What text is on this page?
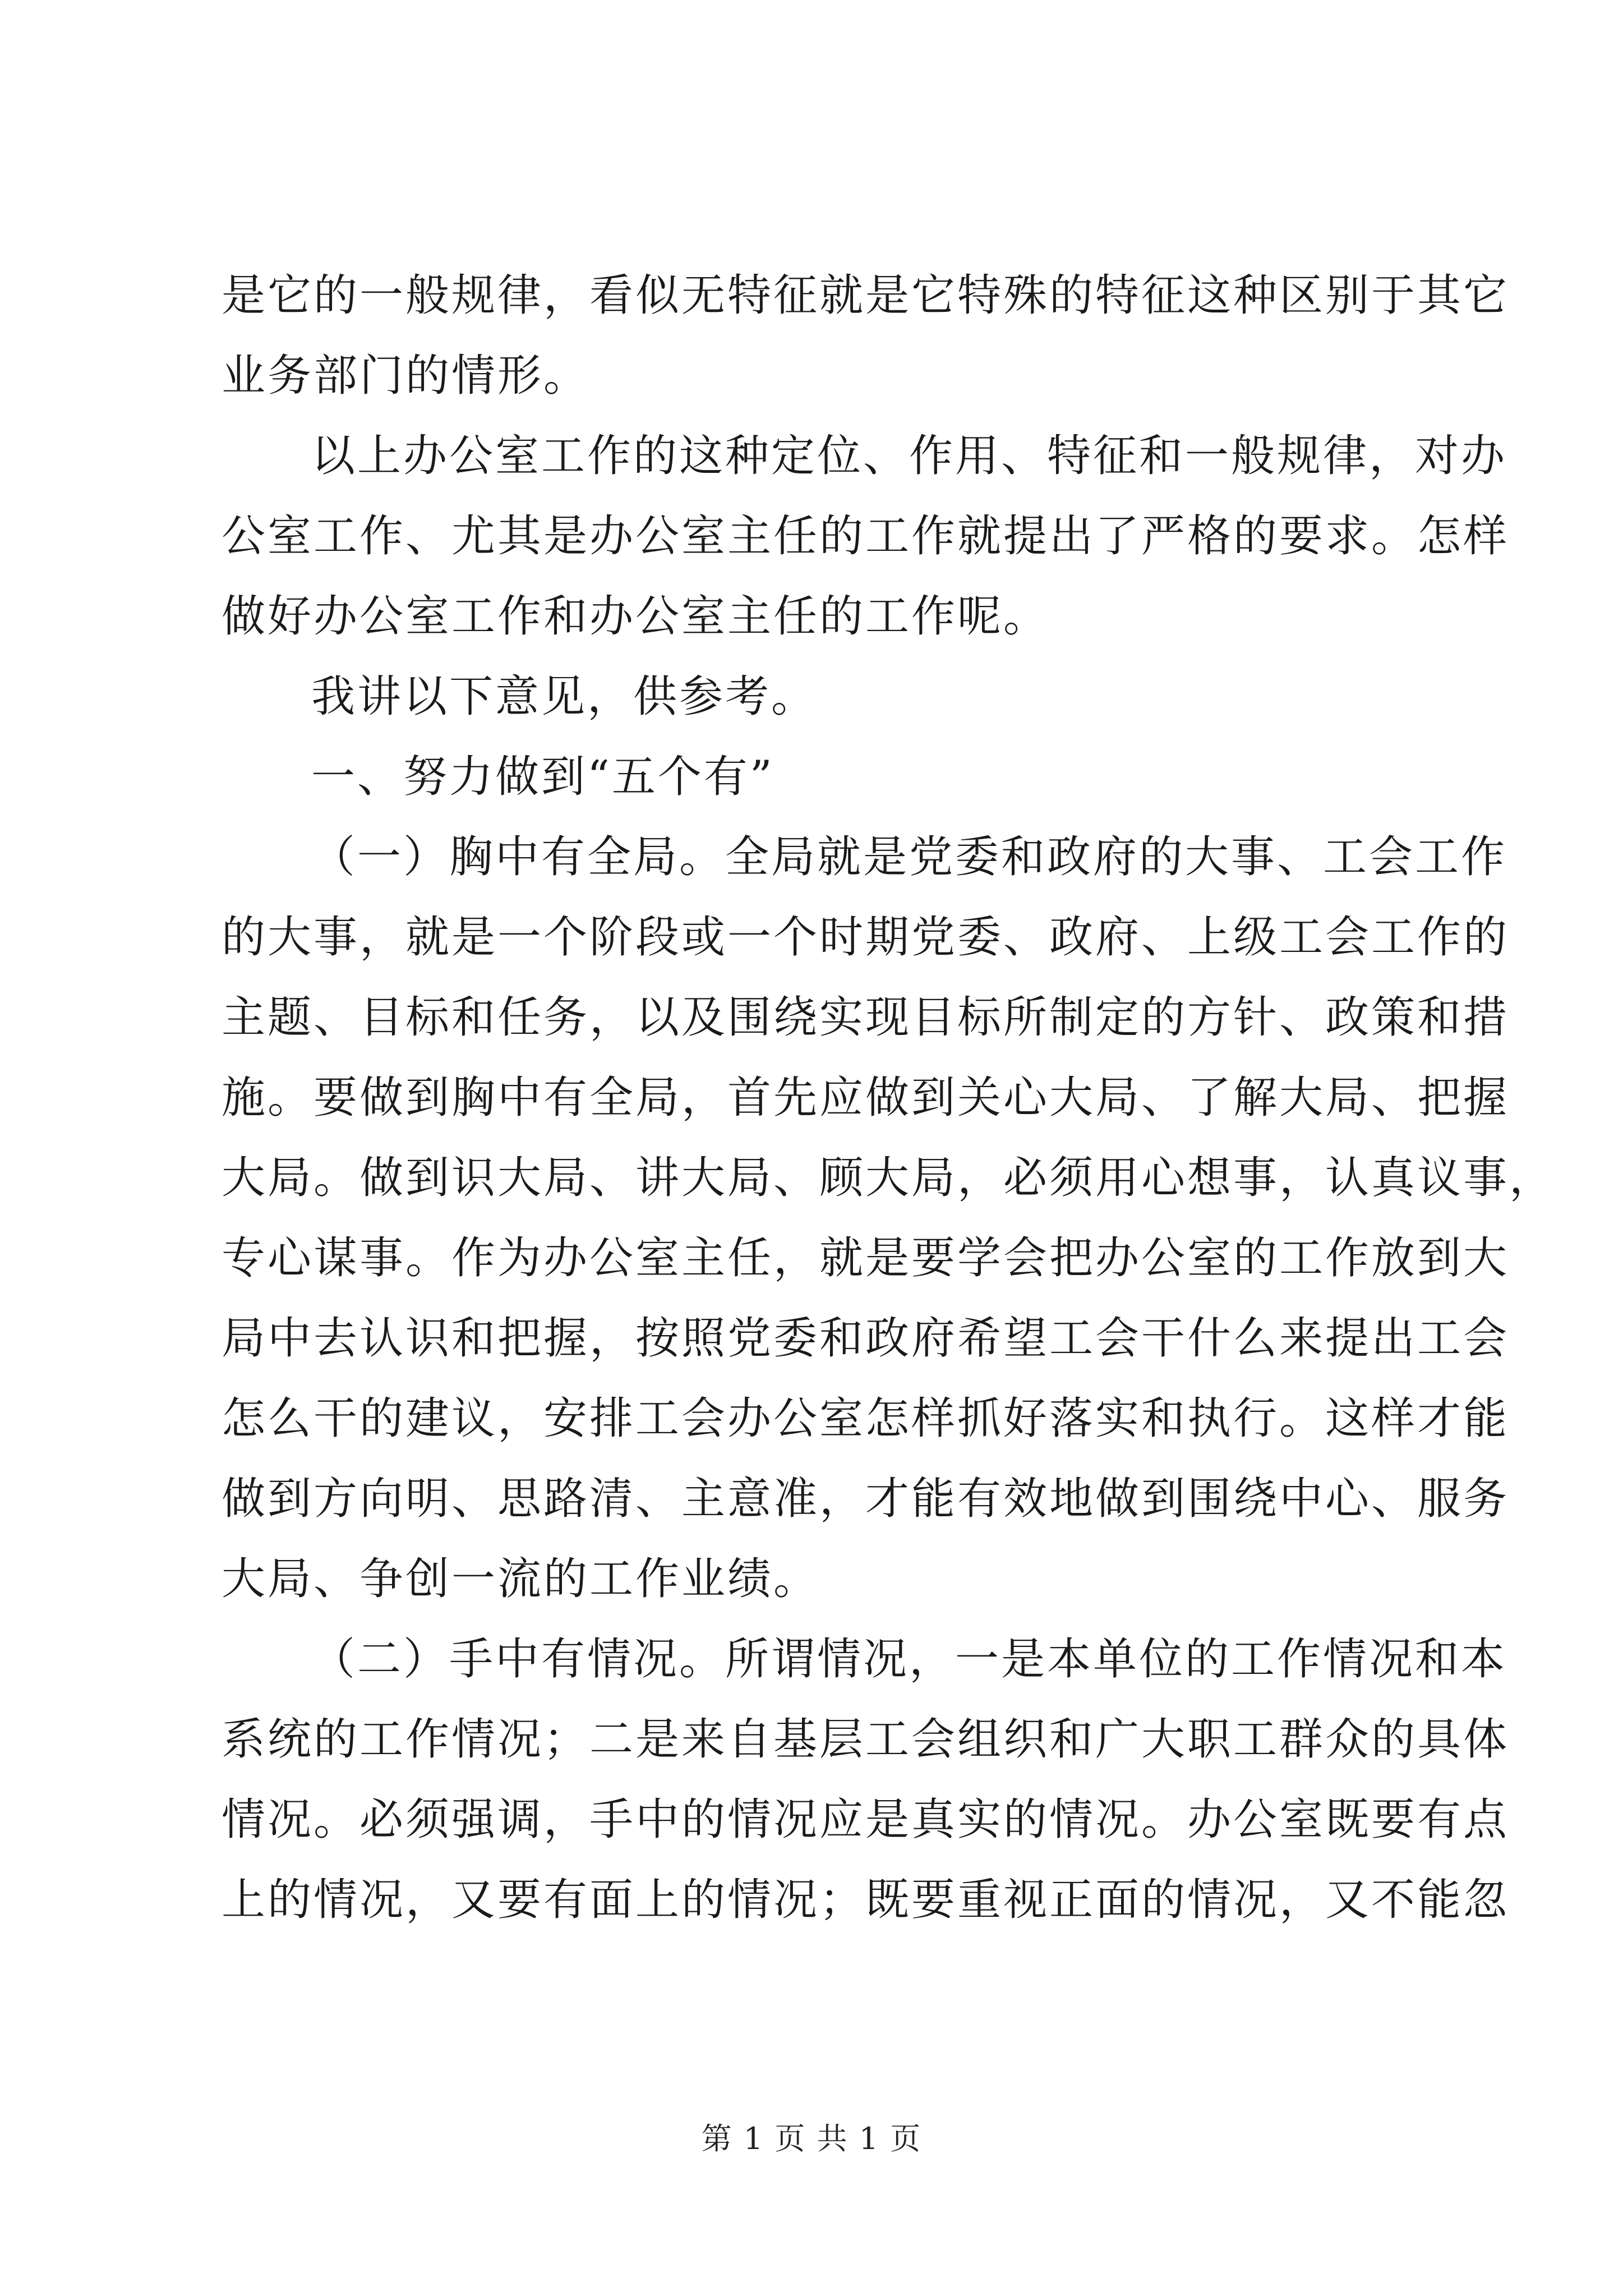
是它的一般规律，看似无特征就是它特殊的特征这种区别于其它
业务部门的情形。
以上办公室工作的这种定位、作用、特征和一般规律，对办
公室工作、尤其是办公室主任的工作就提出了严格的要求。怎样
做好办公室工作和办公室主任的工作呢。
我讲以下意见，供参考。
一、努力做到“五个有”
（一）胸中有全局。全局就是党委和政府的大事、工会工作
的大事，就是一个阶段或一个时期党委、政府、上级工会工作的
主题、目标和任务，以及围绕实现目标所制定的方针、政策和措
施。要做到胸中有全局，首先应做到关心大局、了解大局、把握
大局。做到识大局、讲大局、顾大局，必须用心想事，认真议事，
专心谋事。作为办公室主任，就是要学会把办公室的工作放到大
局中去认识和把握，按照党委和政府希望工会干什么来提出工会
怎么干的建议，安排工会办公室怎样抓好落实和执行。这样才能
做到方向明、思路清、主意准，才能有效地做到围绕中心、服务
大局、争创一流的工作业绩。
（二）手中有情况。所谓情况，一是本单位的工作情况和本
系统的工作情况；二是来自基层工会组织和广大职工群众的具体
情况。必须强调，手中的情况应是真实的情况。办公室既要有点
上的情况，又要有面上的情况；既要重视正面的情况，又不能忽
第 1 页 共 1 页
